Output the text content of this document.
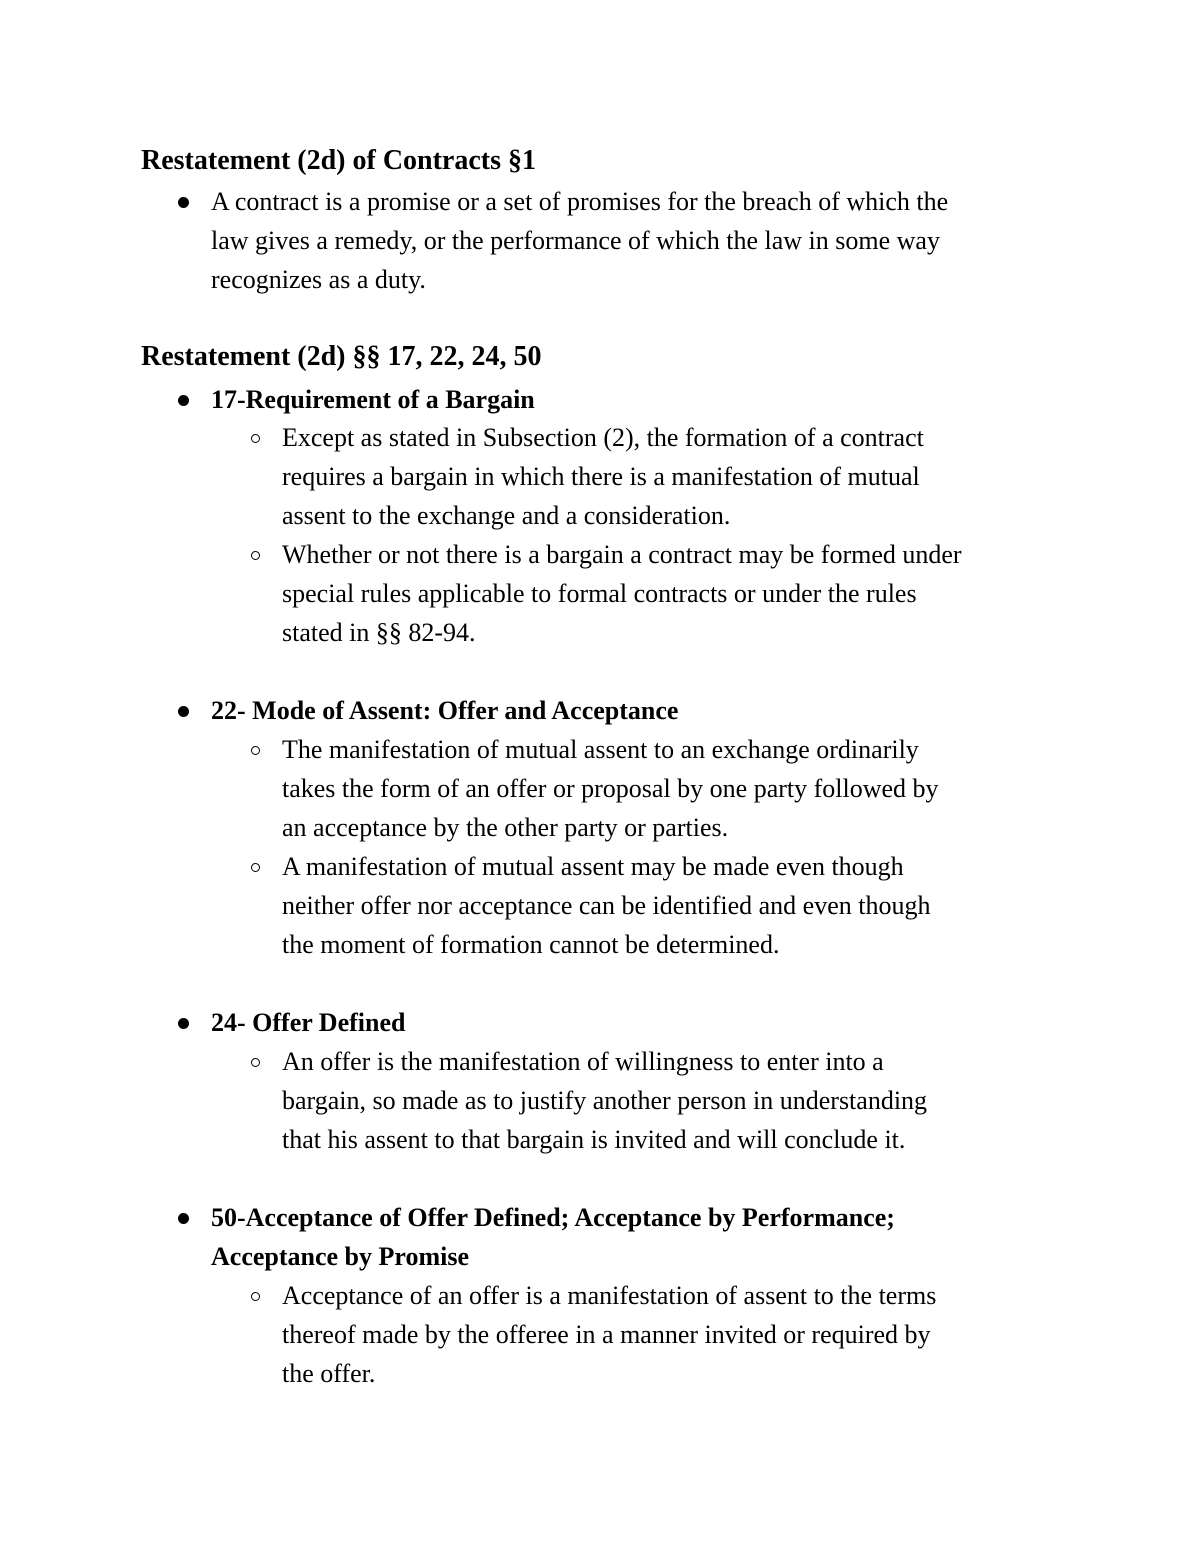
Restatement (2d) of Contracts §1
A contract is a promise or a set of promises for the breach of which the
law gives a remedy, or the performance of which the law in some way
recognizes as a duty.
Restatement (2d) §§ 17, 22, 24, 50
17-Requirement of a Bargain
Except as stated in Subsection (2), the formation of a contract
requires a bargain in which there is a manifestation of mutual
assent to the exchange and a consideration.
Whether or not there is a bargain a contract may be formed under
special rules applicable to formal contracts or under the rules
stated in §§ 82-94.
22- Mode of Assent: Offer and Acceptance
The manifestation of mutual assent to an exchange ordinarily
takes the form of an offer or proposal by one party followed by
an acceptance by the other party or parties.
A manifestation of mutual assent may be made even though
neither offer nor acceptance can be identified and even though
the moment of formation cannot be determined.
24- Offer Defined
An offer is the manifestation of willingness to enter into a
bargain, so made as to justify another person in understanding
that his assent to that bargain is invited and will conclude it.
50-Acceptance of Offer Defined; Acceptance by Performance;
Acceptance by Promise
Acceptance of an offer is a manifestation of assent to the terms
thereof made by the offeree in a manner invited or required by
the offer.
